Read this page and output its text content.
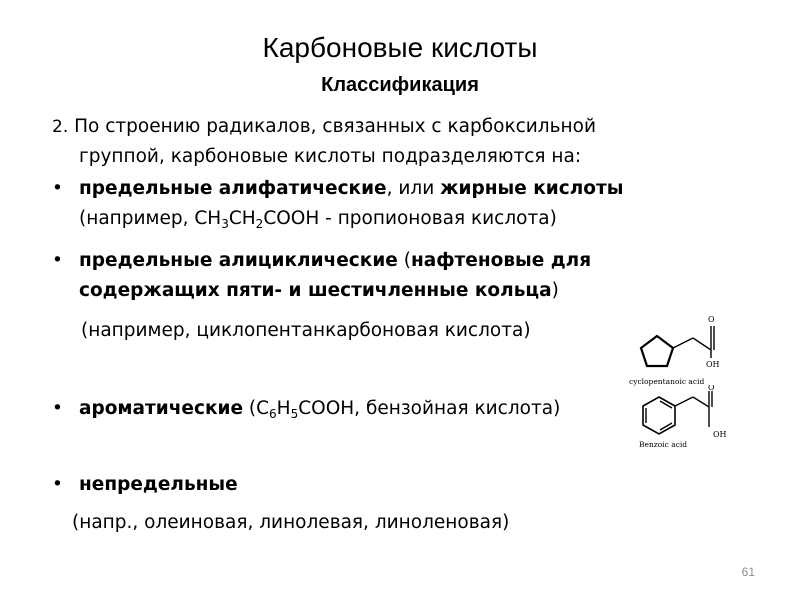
Карбоновые кислоты
Классификация
2. По строению радикалов, связанных с карбоксильной
группой, карбоновые кислоты подразделяются на:
• предельные алифатические, или жирные кислоты
(например, $CH_3CH_2COOH$ - пропионовая кислота)
• предельные алициклические (нафтеновые для
содержащих пяти- и шестичленные кольца)
(например, циклопентанкарбоновая кислота)
• ароматические ($C_6H_5COOH$, бензойная кислота)
• непредельные
(напр., олеиновая, линолевая, линоленовая)
O
OH
cyclopentanoic acid
O
OH
Benzoic acid
61
